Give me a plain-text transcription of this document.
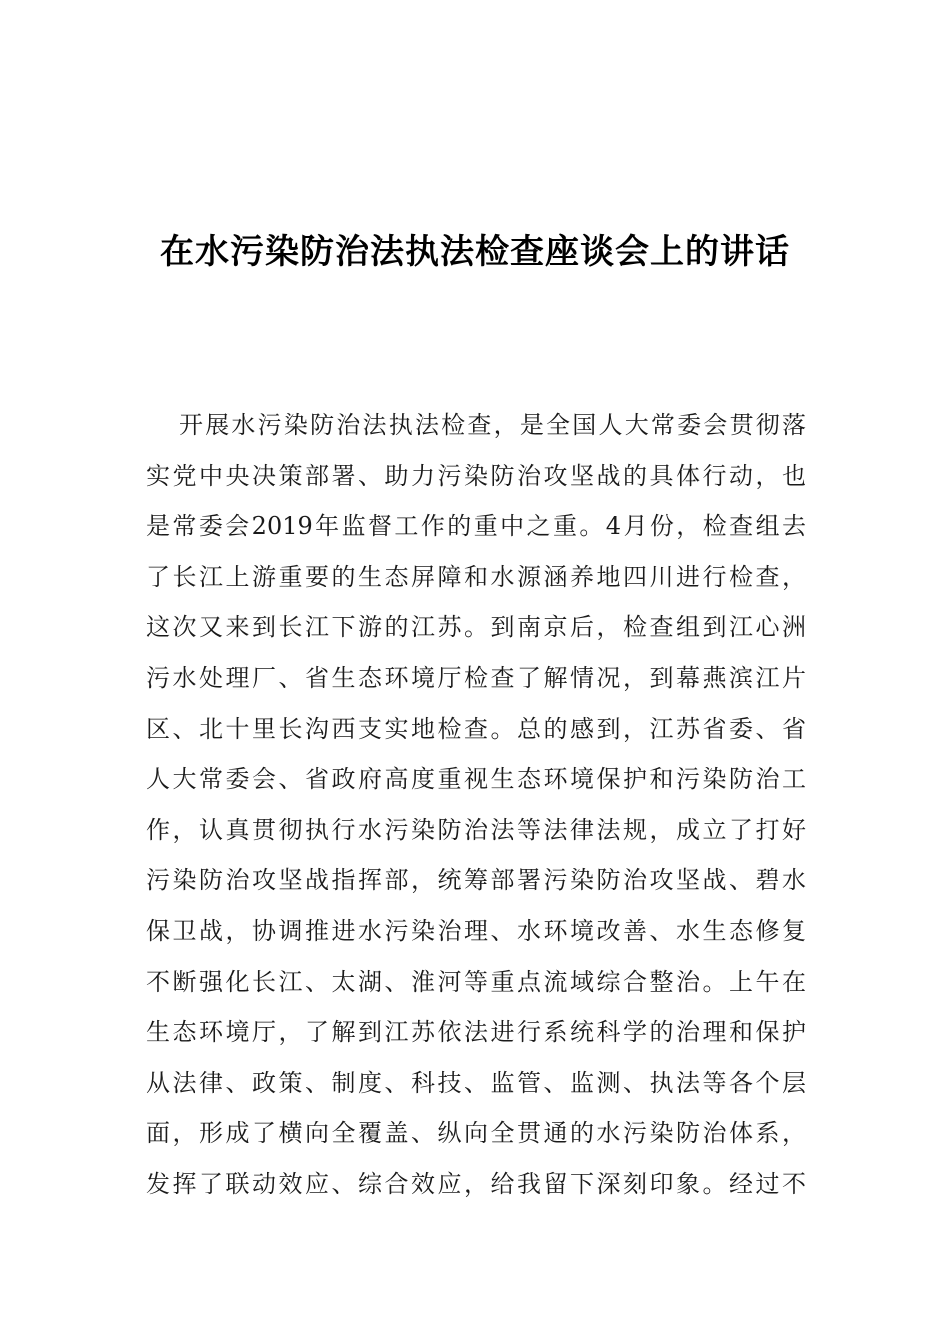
在水污染防治法执法检查座谈会上的讲话
开展水污染防治法执法检查，是全国人大常委会贯彻落
实党中央决策部署、助力污染防治攻坚战的具体行动，也
是常委会2019年监督工作的重中之重。4月份，检查组去
了长江上游重要的生态屏障和水源涵养地四川进行检查，
这次又来到长江下游的江苏。到南京后，检查组到江心洲
污水处理厂、省生态环境厅检查了解情况，到幕燕滨江片
区、北十里长沟西支实地检查。总的感到，江苏省委、省
人大常委会、省政府高度重视生态环境保护和污染防治工
作，认真贯彻执行水污染防治法等法律法规，成立了打好
污染防治攻坚战指挥部，统筹部署污染防治攻坚战、碧水
保卫战，协调推进水污染治理、水环境改善、水生态修复
不断强化长江、太湖、淮河等重点流域综合整治。上午在
生态环境厅，了解到江苏依法进行系统科学的治理和保护
从法律、政策、制度、科技、监管、监测、执法等各个层
面，形成了横向全覆盖、纵向全贯通的水污染防治体系，
发挥了联动效应、综合效应，给我留下深刻印象。经过不
